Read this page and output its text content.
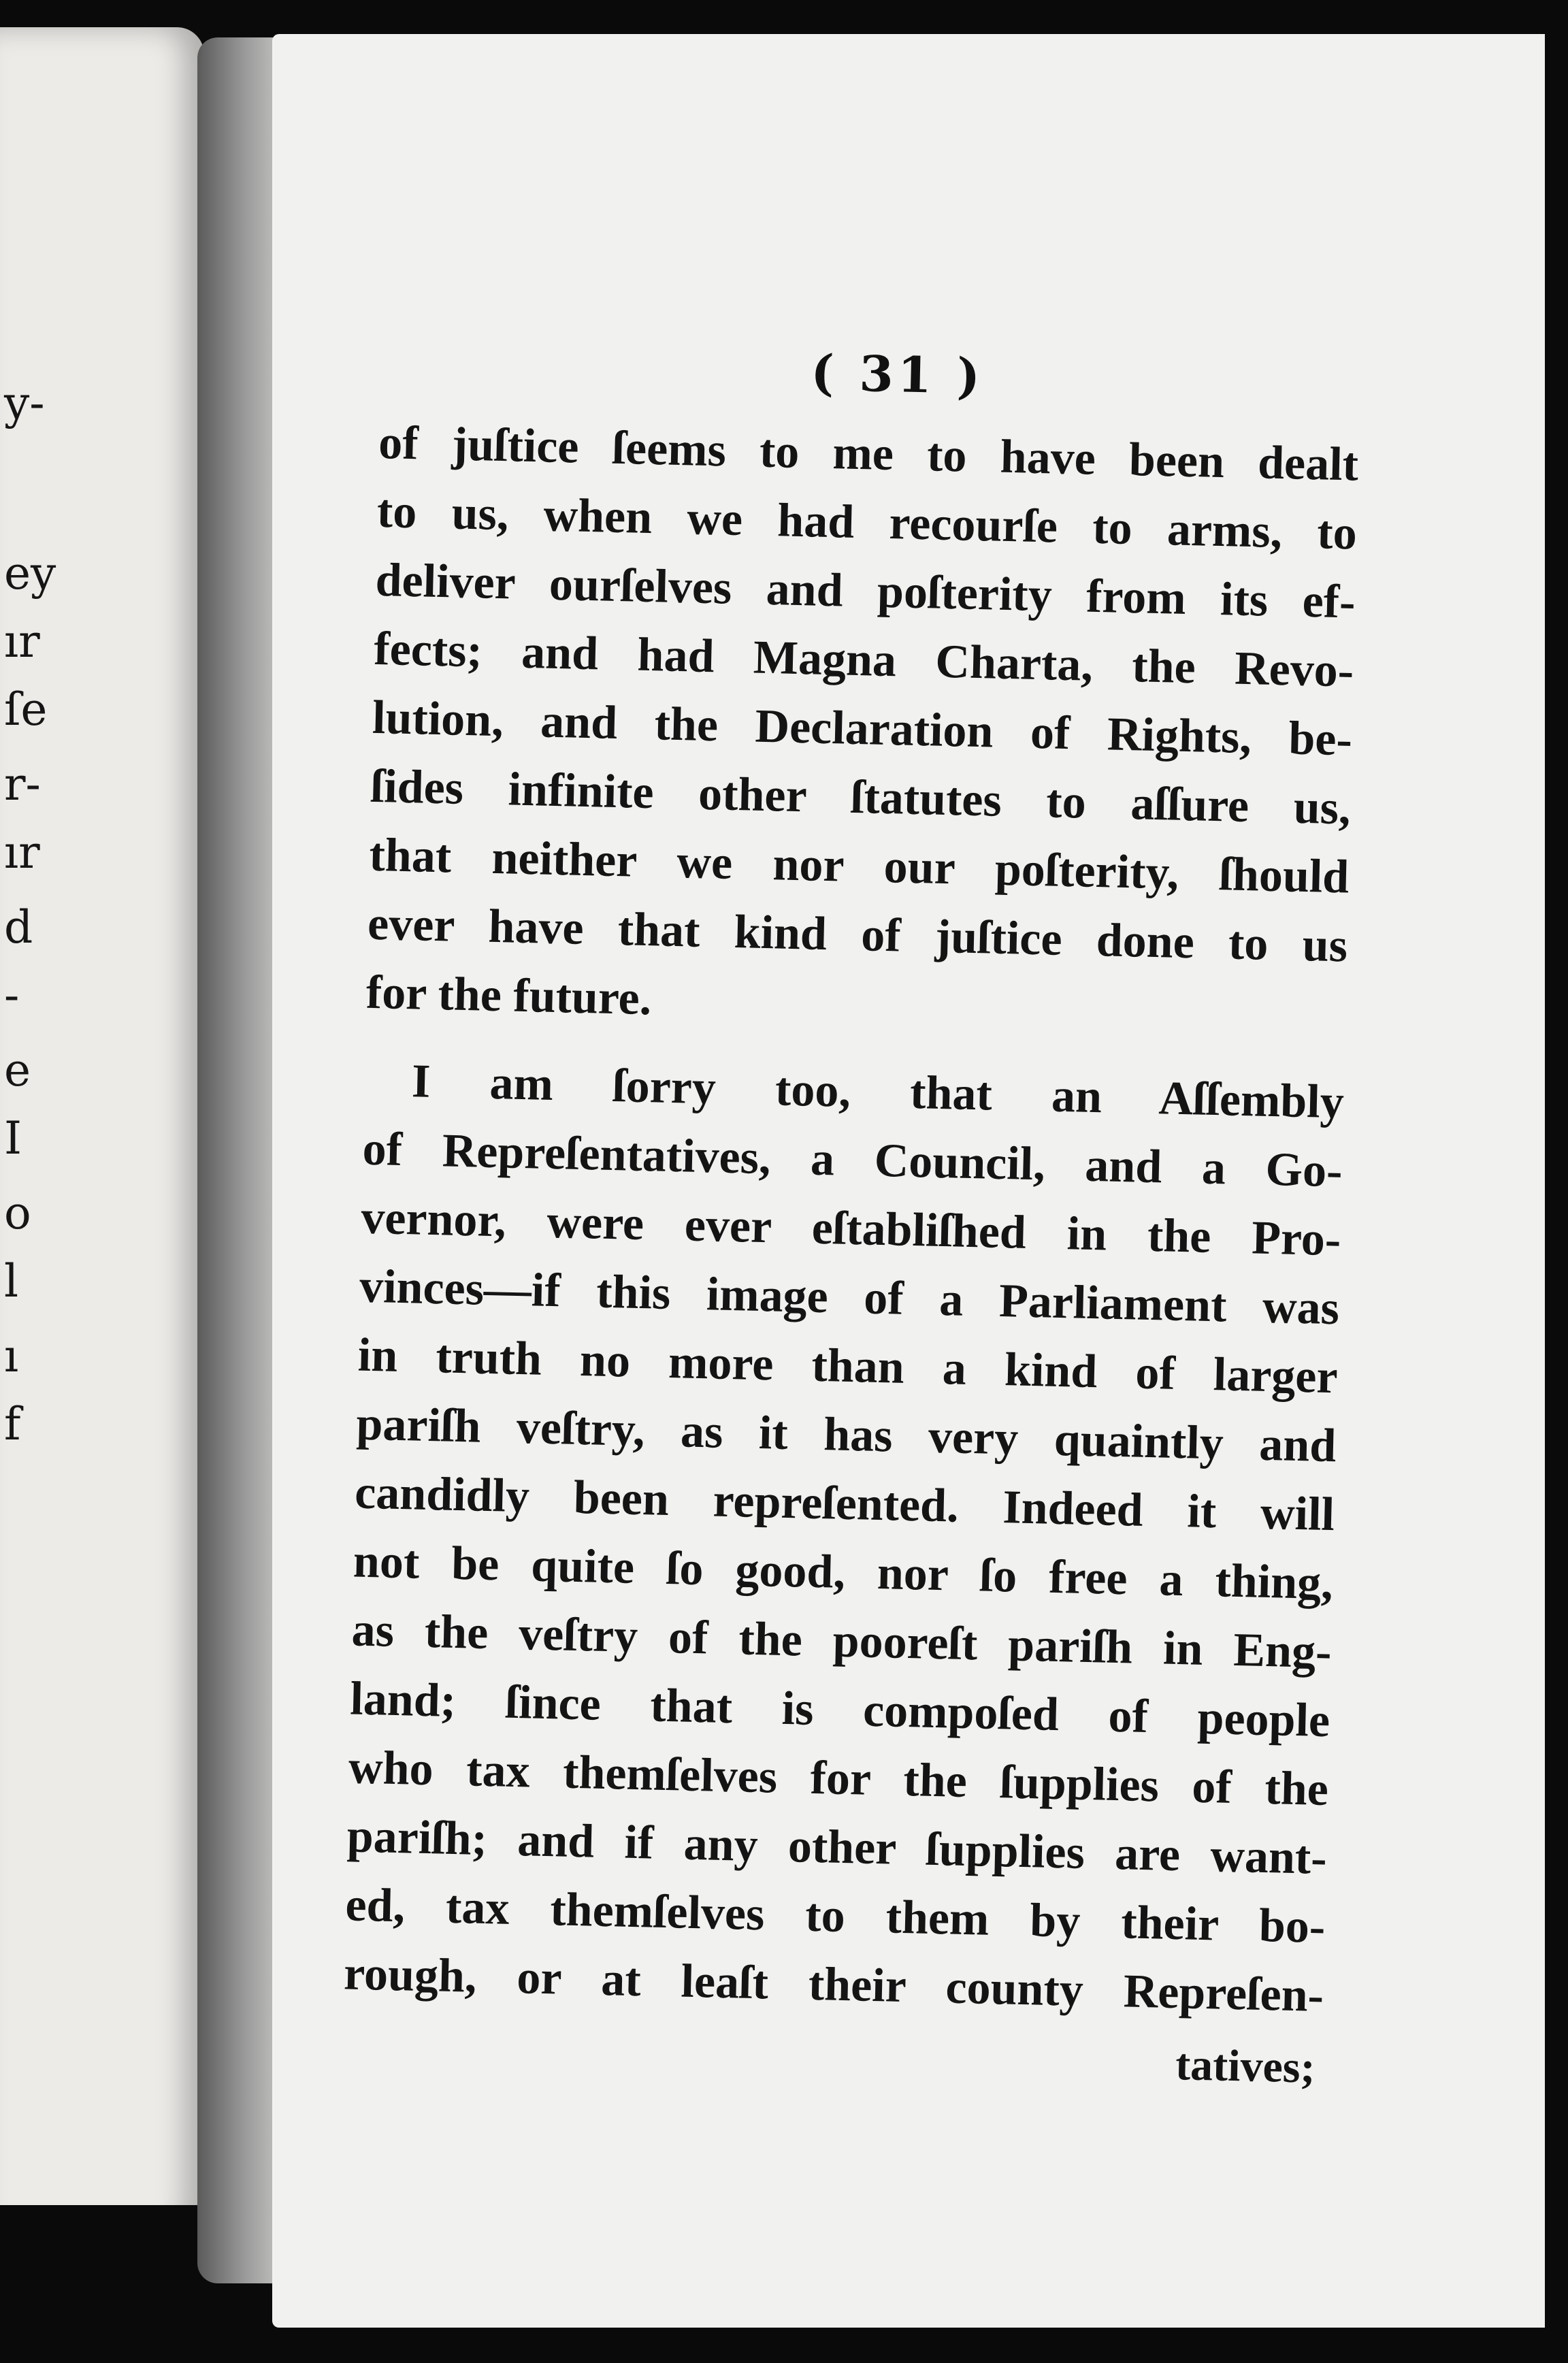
y-
ey
ır
ſe
r-
ır
d
-
e
I
o
l
ı
f
( 31 )
of juſtice ſeems to me to have been dealt
to us, when we had recourſe to arms, to
deliver ourſelves and poſterity from its ef-
fects; and had Magna Charta, the Revo-
lution, and the Declaration of Rights, be-
ſides infinite other ſtatutes to aſſure us,
that neither we nor our poſterity, ſhould
ever have that kind of juſtice done to us
for the future.
I am ſorry too, that an Aſſembly
of Repreſentatives, a Council, and a Go-
vernor, were ever eſtabliſhed in the Pro-
vinces—if this image of a Parliament was
in truth no more than a kind of larger
pariſh veſtry, as it has very quaintly and
candidly been repreſented. Indeed it will
not be quite ſo good, nor ſo free a thing,
as the veſtry of the pooreſt pariſh in Eng-
land; ſince that is compoſed of people
who tax themſelves for the ſupplies of the
pariſh; and if any other ſupplies are want-
ed, tax themſelves to them by their bo-
rough, or at leaſt their county Repreſen-
tatives;
